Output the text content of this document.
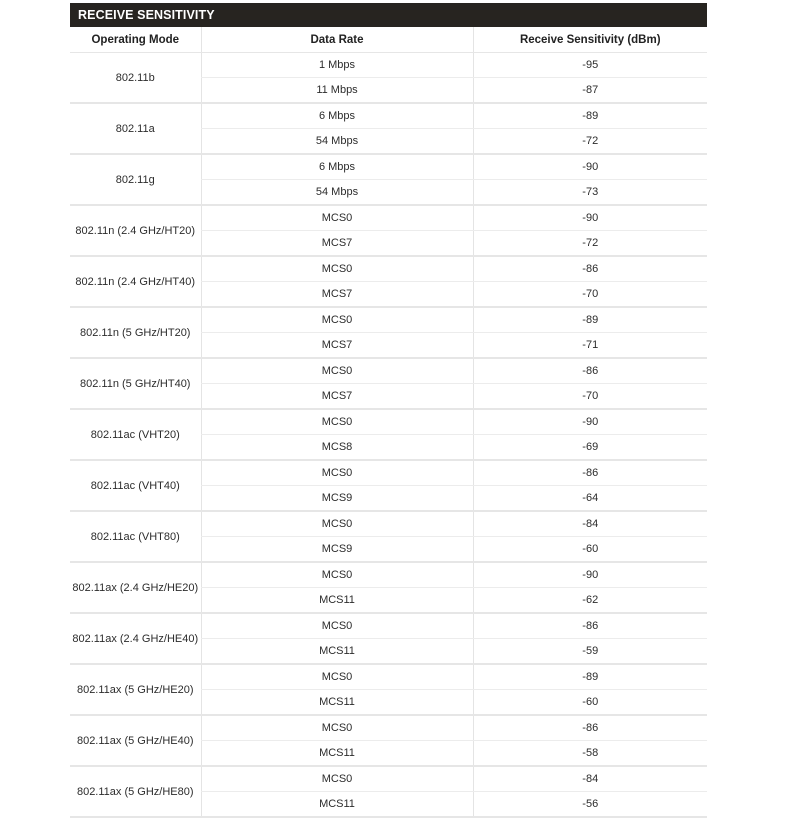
RECEIVE SENSITIVITY
Operating Mode	Data Rate	Receive Sensitivity (dBm)
802.11b	1 Mbps	-95
	11 Mbps	-87
802.11a	6 Mbps	-89
	54 Mbps	-72
802.11g	6 Mbps	-90
	54 Mbps	-73
802.11n (2.4 GHz/HT20)	MCS0	-90
	MCS7	-72
802.11n (2.4 GHz/HT40)	MCS0	-86
	MCS7	-70
802.11n (5 GHz/HT20)	MCS0	-89
	MCS7	-71
802.11n (5 GHz/HT40)	MCS0	-86
	MCS7	-70
802.11ac (VHT20)	MCS0	-90
	MCS8	-69
802.11ac (VHT40)	MCS0	-86
	MCS9	-64
802.11ac (VHT80)	MCS0	-84
	MCS9	-60
802.11ax (2.4 GHz/HE20)	MCS0	-90
	MCS11	-62
802.11ax (2.4 GHz/HE40)	MCS0	-86
	MCS11	-59
802.11ax (5 GHz/HE20)	MCS0	-89
	MCS11	-60
802.11ax (5 GHz/HE40)	MCS0	-86
	MCS11	-58
802.11ax (5 GHz/HE80)	MCS0	-84
	MCS11	-56
